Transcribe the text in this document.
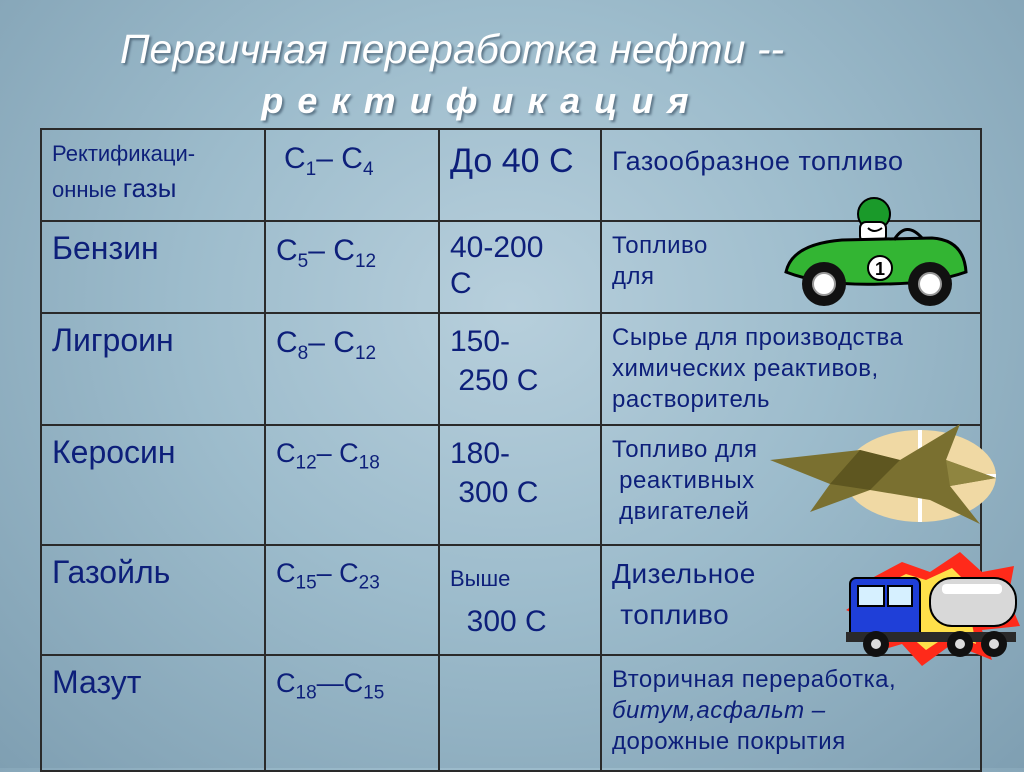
Первичная переработка нефти --
ректификация
Ректификаци-
онные газы	$C_1-$ $C_4$	До 40 С	Газообразное топливо
Бензин	$C_5-$ $C_{12}$	40-200
С	Топливо
для
Лигроин	$C_8-$ $C_{12}$	150-
250 С	Сырье для производства
химических реактивов,
растворитель
Керосин	$C_{12}-$ $C_{18}$	180-
300 С	Топливо для
реактивных
двигателей
Газойль	$C_{15}-$ $C_{23}$	Выше
300 С	Дизельное
топливо
Мазут	$C_{18}—C_{15}$		Вторичная переработка,
битум,асфальт –
дорожные покрытия
1
